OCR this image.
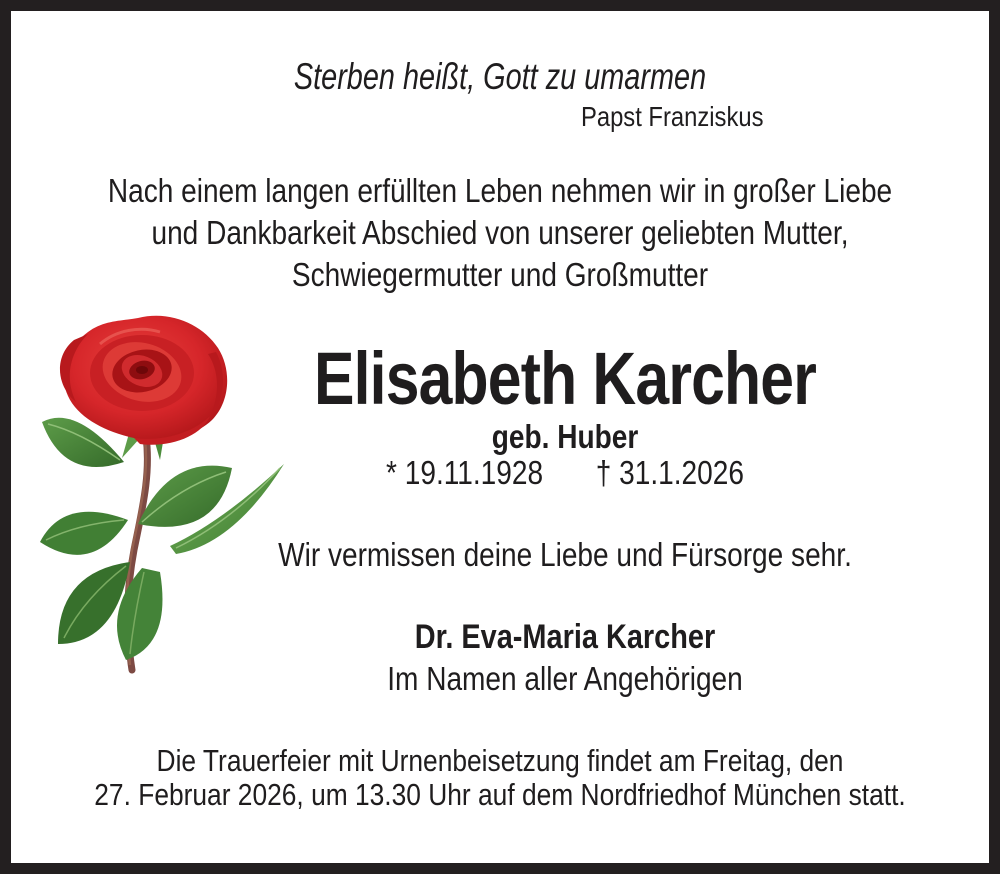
Sterben heißt, Gott zu umarmen

Papst Franziskus

Nach einem langen erfüllten Leben nehmen wir in großer Liebe
und Dankbarkeit Abschied von unserer geliebten Mutter,
Schwiegermutter und Großmutter
Elisabeth Karcher
geb. Huber
* 19.11.1928 † 31.1.2026

Wir vermissen deine Liebe und Fürsorge sehr.

Dr. Eva-Maria Karcher
Im Namen aller Angehörigen
Die Trauerfeier mit Urnenbeisetzung findet am Freitag, den
27. Februar 2026, um 13.30 Uhr auf dem Nordfriedhof München statt.
